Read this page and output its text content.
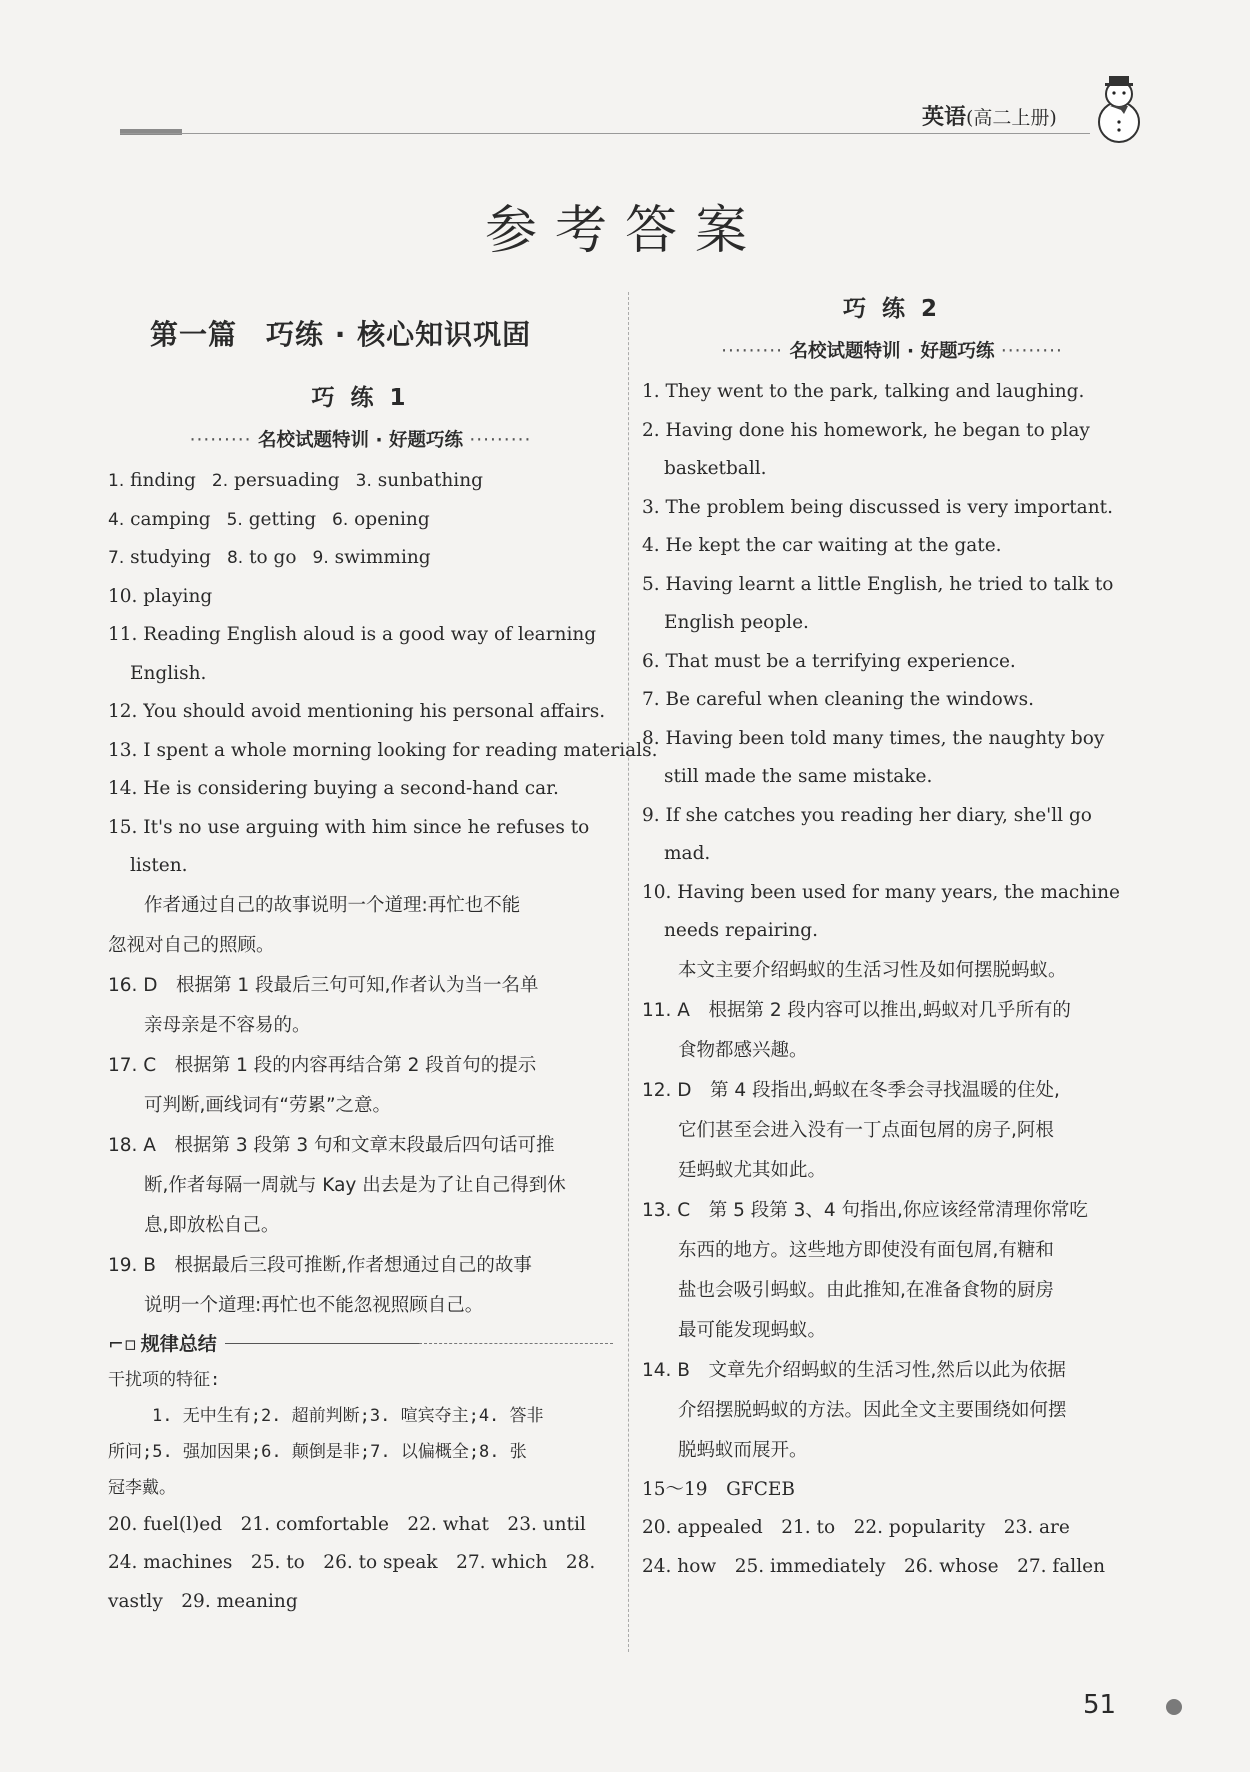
英语(高二上册)
参考答案
第一篇　巧练 · 核心知识巩固
巧 练 1
········· 名校试题特训 · 好题巧练 ·········
1. finding 2. persuading 3. sunbathing
4. camping 5. getting 6. opening
7. studying 8. to go 9. swimming
10. playing
11. Reading English aloud is a good way of learning
English.
12. You should avoid mentioning his personal affairs.
13. I spent a whole morning looking for reading materials.
14. He is considering buying a second-hand car.
15. It's no use arguing with him since he refuses to
listen.
作者通过自己的故事说明一个道理:再忙也不能
忽视对自己的照顾。
16. D　根据第 1 段最后三句可知,作者认为当一名单
亲母亲是不容易的。
17. C　根据第 1 段的内容再结合第 2 段首句的提示
可判断,画线词有“劳累”之意。
18. A　根据第 3 段第 3 句和文章末段最后四句话可推
断,作者每隔一周就与 Kay 出去是为了让自己得到休
息,即放松自己。
19. B　根据最后三段可推断,作者想通过自己的故事
说明一个道理:再忙也不能忽视照顾自己。
⌐▫ 规律总结
干扰项的特征:
1. 无中生有;2. 超前判断;3. 喧宾夺主;4. 答非
所问;5. 强加因果;6. 颠倒是非;7. 以偏概全;8. 张
冠李戴。
20. fuel(l)ed　21. comfortable　22. what　23. until
24. machines　25. to　26. to speak　27. which　28.
vastly　29. meaning
巧 练 2
········· 名校试题特训 · 好题巧练 ·········
1. They went to the park, talking and laughing.
2. Having done his homework, he began to play
basketball.
3. The problem being discussed is very important.
4. He kept the car waiting at the gate.
5. Having learnt a little English, he tried to talk to
English people.
6. That must be a terrifying experience.
7. Be careful when cleaning the windows.
8. Having been told many times, the naughty boy
still made the same mistake.
9. If she catches you reading her diary, she'll go
mad.
10. Having been used for many years, the machine
needs repairing.
本文主要介绍蚂蚁的生活习性及如何摆脱蚂蚁。
11. A　根据第 2 段内容可以推出,蚂蚁对几乎所有的
食物都感兴趣。
12. D　第 4 段指出,蚂蚁在冬季会寻找温暖的住处,
它们甚至会进入没有一丁点面包屑的房子,阿根
廷蚂蚁尤其如此。
13. C　第 5 段第 3、4 句指出,你应该经常清理你常吃
东西的地方。这些地方即使没有面包屑,有糖和
盐也会吸引蚂蚁。由此推知,在准备食物的厨房
最可能发现蚂蚁。
14. B　文章先介绍蚂蚁的生活习性,然后以此为依据
介绍摆脱蚂蚁的方法。因此全文主要围绕如何摆
脱蚂蚁而展开。
15～19　GFCEB
20. appealed　21. to　22. popularity　23. are
24. how　25. immediately　26. whose　27. fallen
51
